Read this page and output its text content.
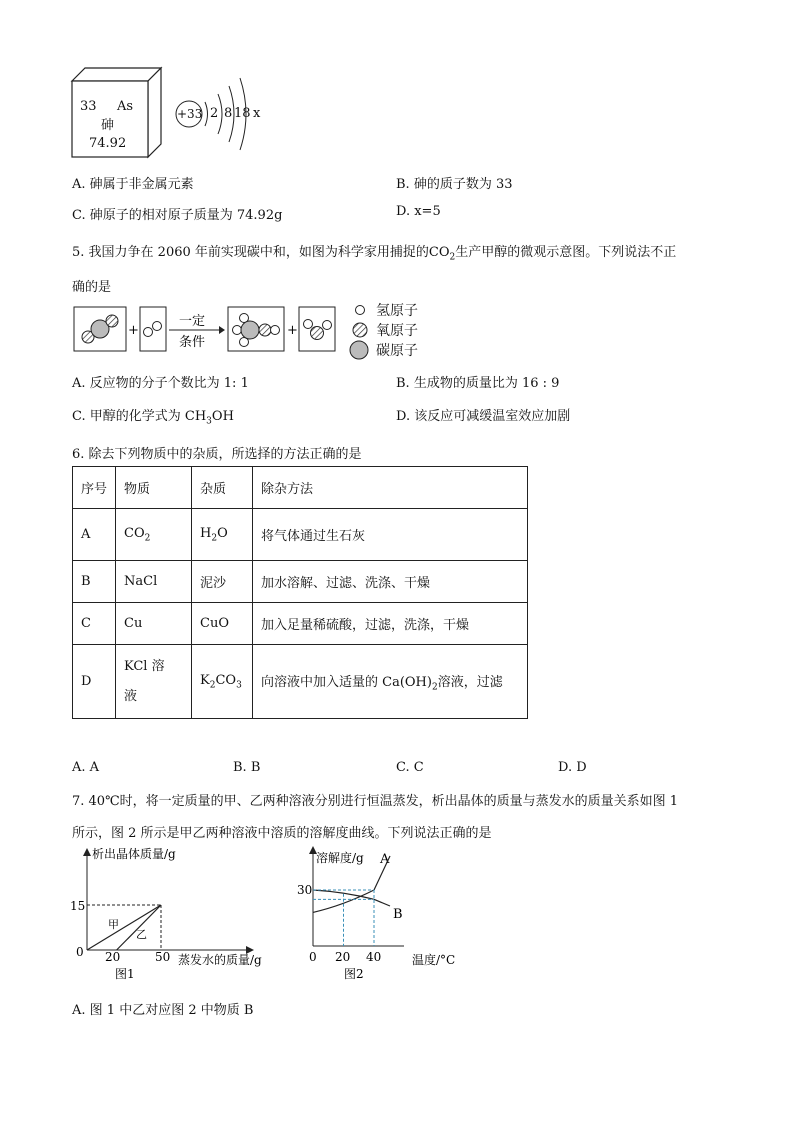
33 As
砷
74.92
+33 2 8 18 x
A. 砷属于非金属元素	B. 砷的质子数为 33
C. 砷原子的相对原子质量为 74.92g	D. x=5
5. 我国力争在 2060 年前实现碳中和，如图为科学家用捕捉的$CO_2$生产甲醇的微观示意图。下列说法不正
确的是
+
一定
条件
+
氢原子
氧原子
碳原子
A. 反应物的分子个数比为 1: 1	B. 生成物的质量比为 16 : 9
C. 甲醇的化学式为 $CH_3OH$	D. 该反应可减缓温室效应加剧
6. 除去下列物质中的杂质，所选择的方法正确的是
序号	物质	杂质	除杂方法
A	$CO_2$	$H_2O$	将气体通过生石灰
B	NaCl	泥沙	加水溶解、过滤、洗涤、干燥
C	Cu	CuO	加入足量稀硫酸，过滤，洗涤，干燥
D	KCl 溶
液	$K_2CO_3$	向溶液中加入适量的 $Ca(OH)_2$溶液，过滤
A. A	B. B	C. C	D. D
7. 40℃时，将一定质量的甲、乙两种溶液分别进行恒温蒸发，析出晶体的质量与蒸发水的质量关系如图 1
所示，图 2 所示是甲乙两种溶液中溶质的溶解度曲线。下列说法正确的是
析出晶体质量/g
15
0 20	50 蒸发水的质量/g
图1
甲
乙
溶解度/g
30
0 20 40	温度/°C
图2
A
B
A. 图 1 中乙对应图 2 中物质 B
